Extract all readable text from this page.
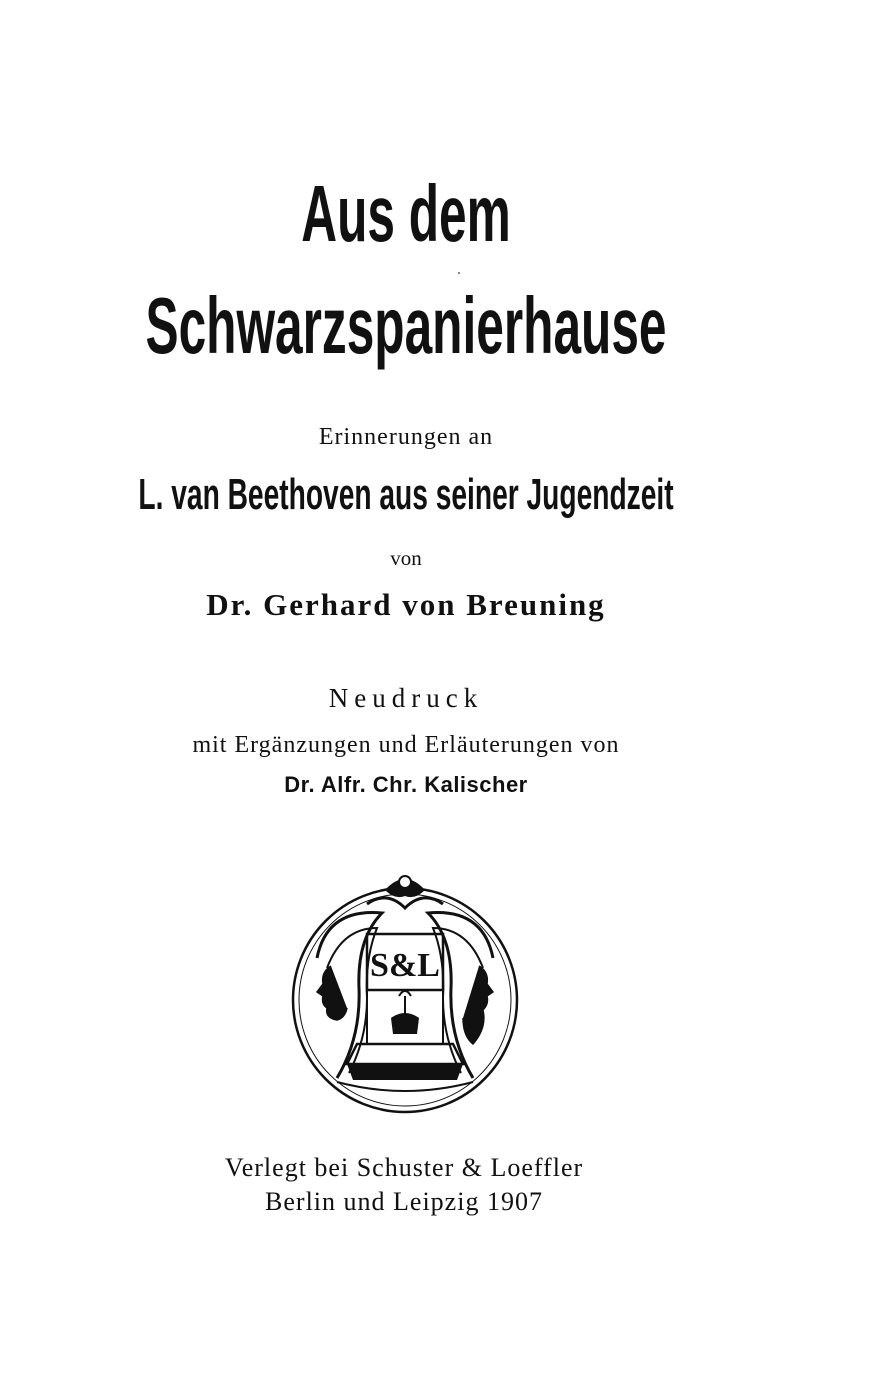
Aus dem
Schwarzspanierhause
Erinnerungen an
L. van Beethoven aus seiner Jugendzeit
von
Dr. Gerhard von Breuning
Neudruck
mit Ergänzungen und Erläuterungen von
Dr. Alfr. Chr. Kalischer
S&L
Verlegt bei Schuster & Loeffler
Berlin und Leipzig 1907
